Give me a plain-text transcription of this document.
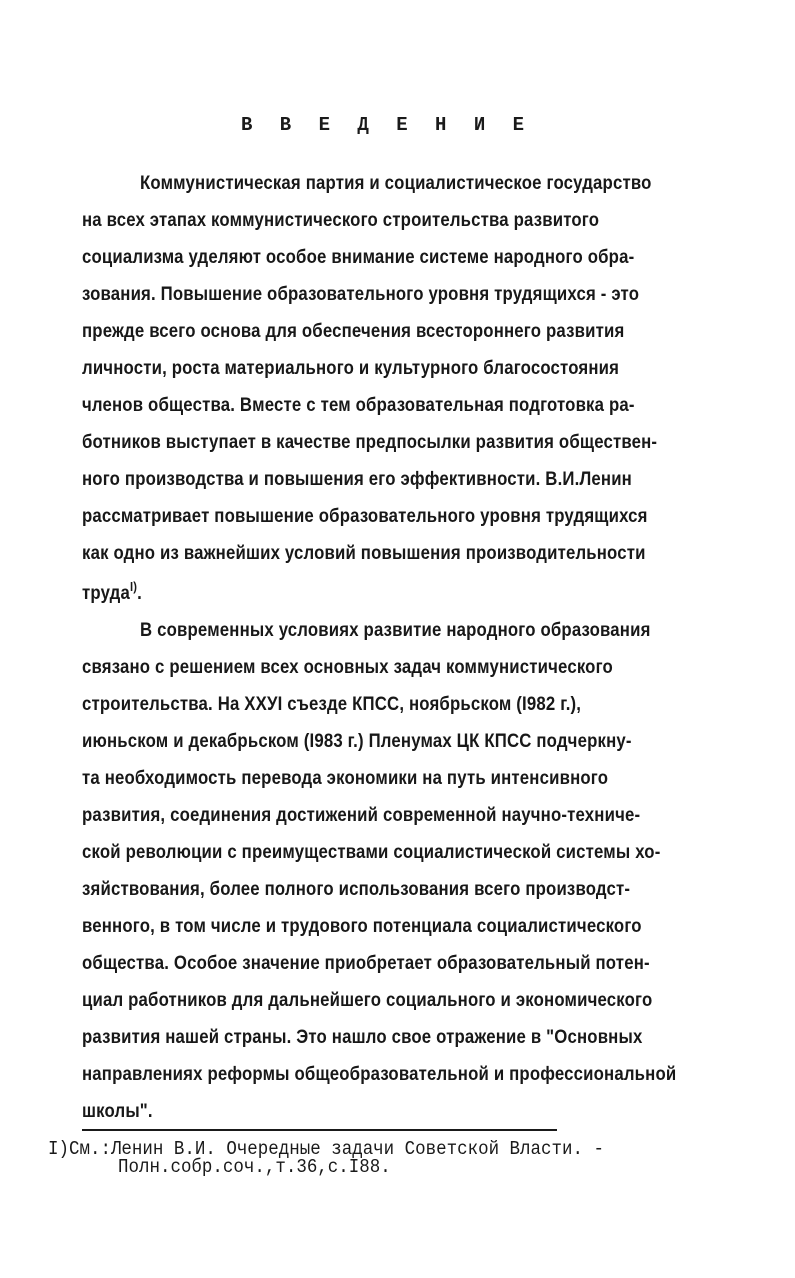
В В Е Д Е Н И Е
Коммунистическая партия и социалистическое государство
на всех этапах коммунистического строительства развитого
социализма уделяют особое внимание системе народного обра-
зования. Повышение образовательного уровня трудящихся - это
прежде всего основа для обеспечения всестороннего развития
личности, роста материального и культурного благосостояния
членов общества. Вместе с тем образовательная подготовка ра-
ботников выступает в качестве предпосылки развития обществен-
ного производства и повышения его эффективности. В.И.Ленин
рассматривает повышение образовательного уровня трудящихся
как одно из важнейших условий повышения производительности
труда$^{I)}$.
В современных условиях развитие народного образования
связано с решением всех основных задач коммунистического
строительства. На XXУI съезде КПСС, ноябрьском (I982 г.),
июньском и декабрьском (I983 г.) Пленумах ЦК КПСС подчеркну-
та необходимость перевода экономики на путь интенсивного
развития, соединения достижений современной научно-техниче-
ской революции с преимуществами социалистической системы хо-
зяйствования, более полного использования всего производст-
венного, в том числе и трудового потенциала социалистического
общества. Особое значение приобретает образовательный потен-
циал работников для дальнейшего социального и экономического
развития нашей страны. Это нашло свое отражение в "Основных
направлениях реформы общеобразовательной и профессиональной
школы".
I)См.:Ленин В.И. Очередные задачи Советской Власти. -
Полн.собр.соч.,т.36,с.I88.
